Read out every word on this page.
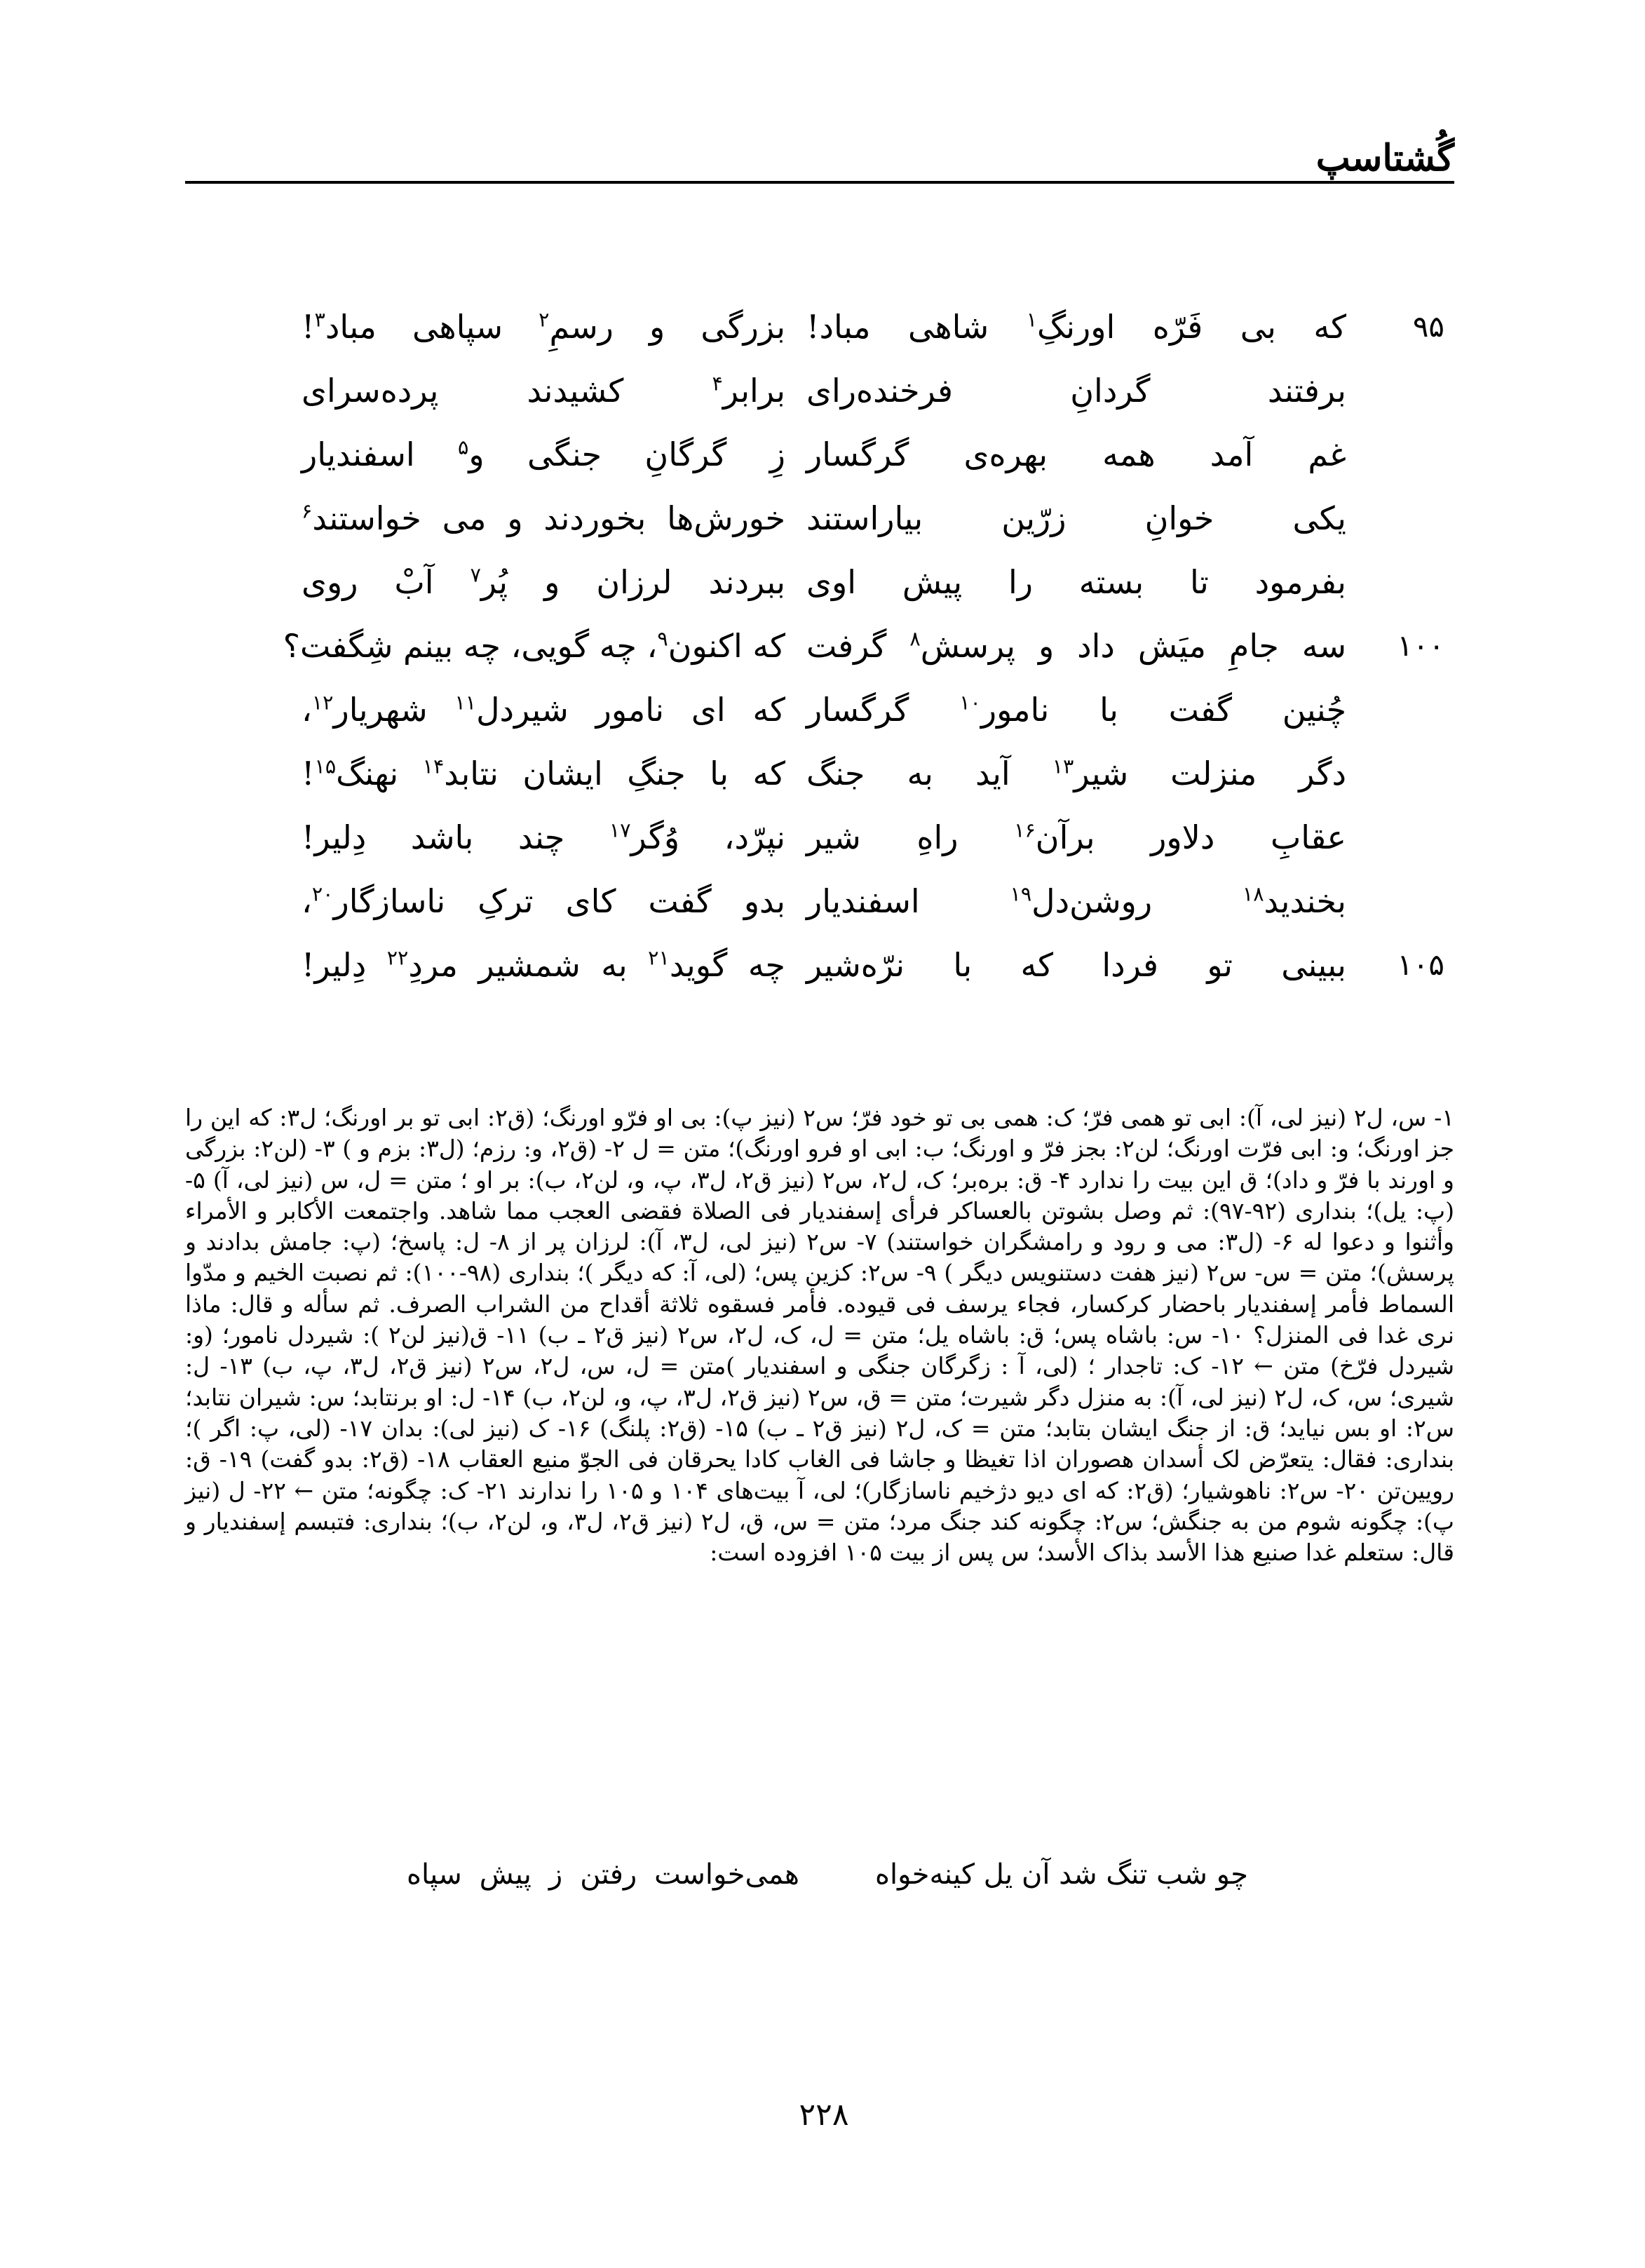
گُشتاسپ
۹۵
که بی فَرّه اورنگِ$^۱$ شاهی مباد!
بزرگی و رسمِ$^۲$ سپاهی مباد$^۳$!
برفتند گردانِ فرخنده‌رای
برابر$^۴$ کشیدند پرده‌سرای
غم آمد همه بهره‌ی گرگسار
زِ گرگانِ جنگی و$^۵$ اسفندیار
یکی خوانِ زرّین بیاراستند
خورش‌ها بخوردند و می خواستند$^۶$
بفرمود تا بسته را پیش اوی
ببردند لرزان و پُر$^۷$ آبْ روی
۱۰۰
سه جامِ میَش داد و پرسش$^۸$ گرفت
که اکنون$^۹$، چه گویی، چه بینم شِگفت؟
چُنین گفت با نامور$^{۱۰}$ گرگسار
که ای نامور شیردل$^{۱۱}$ شهریار$^{۱۲}$،
دگر منزلت شیر$^{۱۳}$ آید به جنگ
که با جنگِ ایشان نتابد$^{۱۴}$ نهنگ$^{۱۵}$!
عقابِ دلاور برآن$^{۱۶}$ راهِ شیر
نپرّد، وُگر$^{۱۷}$ چند باشد دِلیر!
بخندید$^{۱۸}$ روشن‌دل$^{۱۹}$ اسفندیار
بدو گفت کای ترکِ ناسازگار$^{۲۰}$،
۱۰۵
ببینی تو فردا که با نرّه‌شیر
چه گوید$^{۲۱}$ به شمشیر مردِ$^{۲۲}$ دِلیر!

۱- س، ل۲ (نیز لی، آ): ابی تو همی فرّ؛ ک: همی بی تو خود فرّ؛ س۲ (نیز پ): بی او فرّو اورنگ؛ (ق۲: ابی تو بر اورنگ؛ ل۳: که این را جز اورنگ؛ و: ابی فرّت اورنگ؛ لن۲: بجز فرّ و اورنگ؛ ب: ابی او فرو اورنگ)؛ متن = ل ۲- (ق۲، و: رزم؛ (ل۳: بزم و ) ۳- (لن۲: بزرگی و اورند با فرّ و داد)؛ ق این بیت را ندارد ۴- ق: بره‌بر؛ ک، ل۲، س۲ (نیز ق۲، ل۳، پ، و، لن۲، ب): بر او ؛ متن = ل، س (نیز لی، آ) ۵- (پ: یل)؛ بنداری (۹۲-۹۷): ثم وصل بشوتن بالعساکر فرأی إسفندیار فی الصلاة فقضی العجب مما شاهد. واجتمعت الأکابر و الأمراء وأثنوا و دعوا له ۶- (ل۳: می و رود و رامشگران خواستند) ۷- س۲ (نیز لی، ل۳، آ): لرزان پر از ۸- ل: پاسخ؛ (پ: جامش بدادند و پرسش)؛ متن = س- س۲ (نیز هفت دستنویس دیگر ) ۹- س۲: کزین پس؛ (لی، آ: که دیگر )؛ بنداری (۹۸-۱۰۰): ثم نصبت الخیم و مدّوا السماط فأمر إسفندیار باحضار کرکسار، فجاء یرسف فی قیوده. فأمر فسقوه ثلاثة أقداح من الشراب الصرف. ثم سأله و قال: ماذا نری غدا فی المنزل؟ ۱۰- س: باشاه پس؛ ق: باشاه یل؛ متن = ل، ک، ل۲، س۲ (نیز ق۲ ـ ب) ۱۱- ق(نیز لن۲ ): شیردل نامور؛ (و: شیردل فرّخ) متن ← ۱۲- ک: تاجدار ؛ (لی، آ : زگرگان جنگی و اسفندیار )متن = ل، س، ل۲، س۲ (نیز ق۲، ل۳، پ، ب) ۱۳- ل: شیری؛ س، ک، ل۲ (نیز لی، آ): به منزل دگر شیرت؛ متن = ق، س۲ (نیز ق۲، ل۳، پ، و، لن۲، ب) ۱۴- ل: او برنتابد؛ س: شیران نتابد؛ س۲: او بس نیاید؛ ق: از جنگ ایشان بتابد؛ متن = ک، ل۲ (نیز ق۲ ـ ب) ۱۵- (ق۲: پلنگ) ۱۶- ک (نیز لی): بدان ۱۷- (لی، پ: اگر )؛ بنداری: فقال: یتعرّض لک أسدان هصوران اذا تغیظا و جاشا فی الغاب کادا یحرقان فی الجوّ منیع العقاب ۱۸- (ق۲: بدو گفت) ۱۹- ق: رویین‌تن ۲۰- س۲: ناهوشیار؛ (ق۲: که ای دیو دژخیم ناسازگار)؛ لی، آ بیت‌های ۱۰۴ و ۱۰۵ را ندارند ۲۱- ک: چگونه؛ متن ← ۲۲- ل (نیز پ): چگونه شوم من به جنگش؛ س۲: چگونه کند جنگ مرد؛ متن = س، ق، ل۲ (نیز ق۲، ل۳، و، لن۲، ب)؛ بنداری: فتبسم إسفندیار و قال: ستعلم غدا صنیع هذا الأسد بذاک الأسد؛ س پس از بیت ۱۰۵ افزوده است:

چو شب تنگ شد آن یل کینه‌خواه
همی‌خواست رفتن ز پیش سپاه
۲۲۸
